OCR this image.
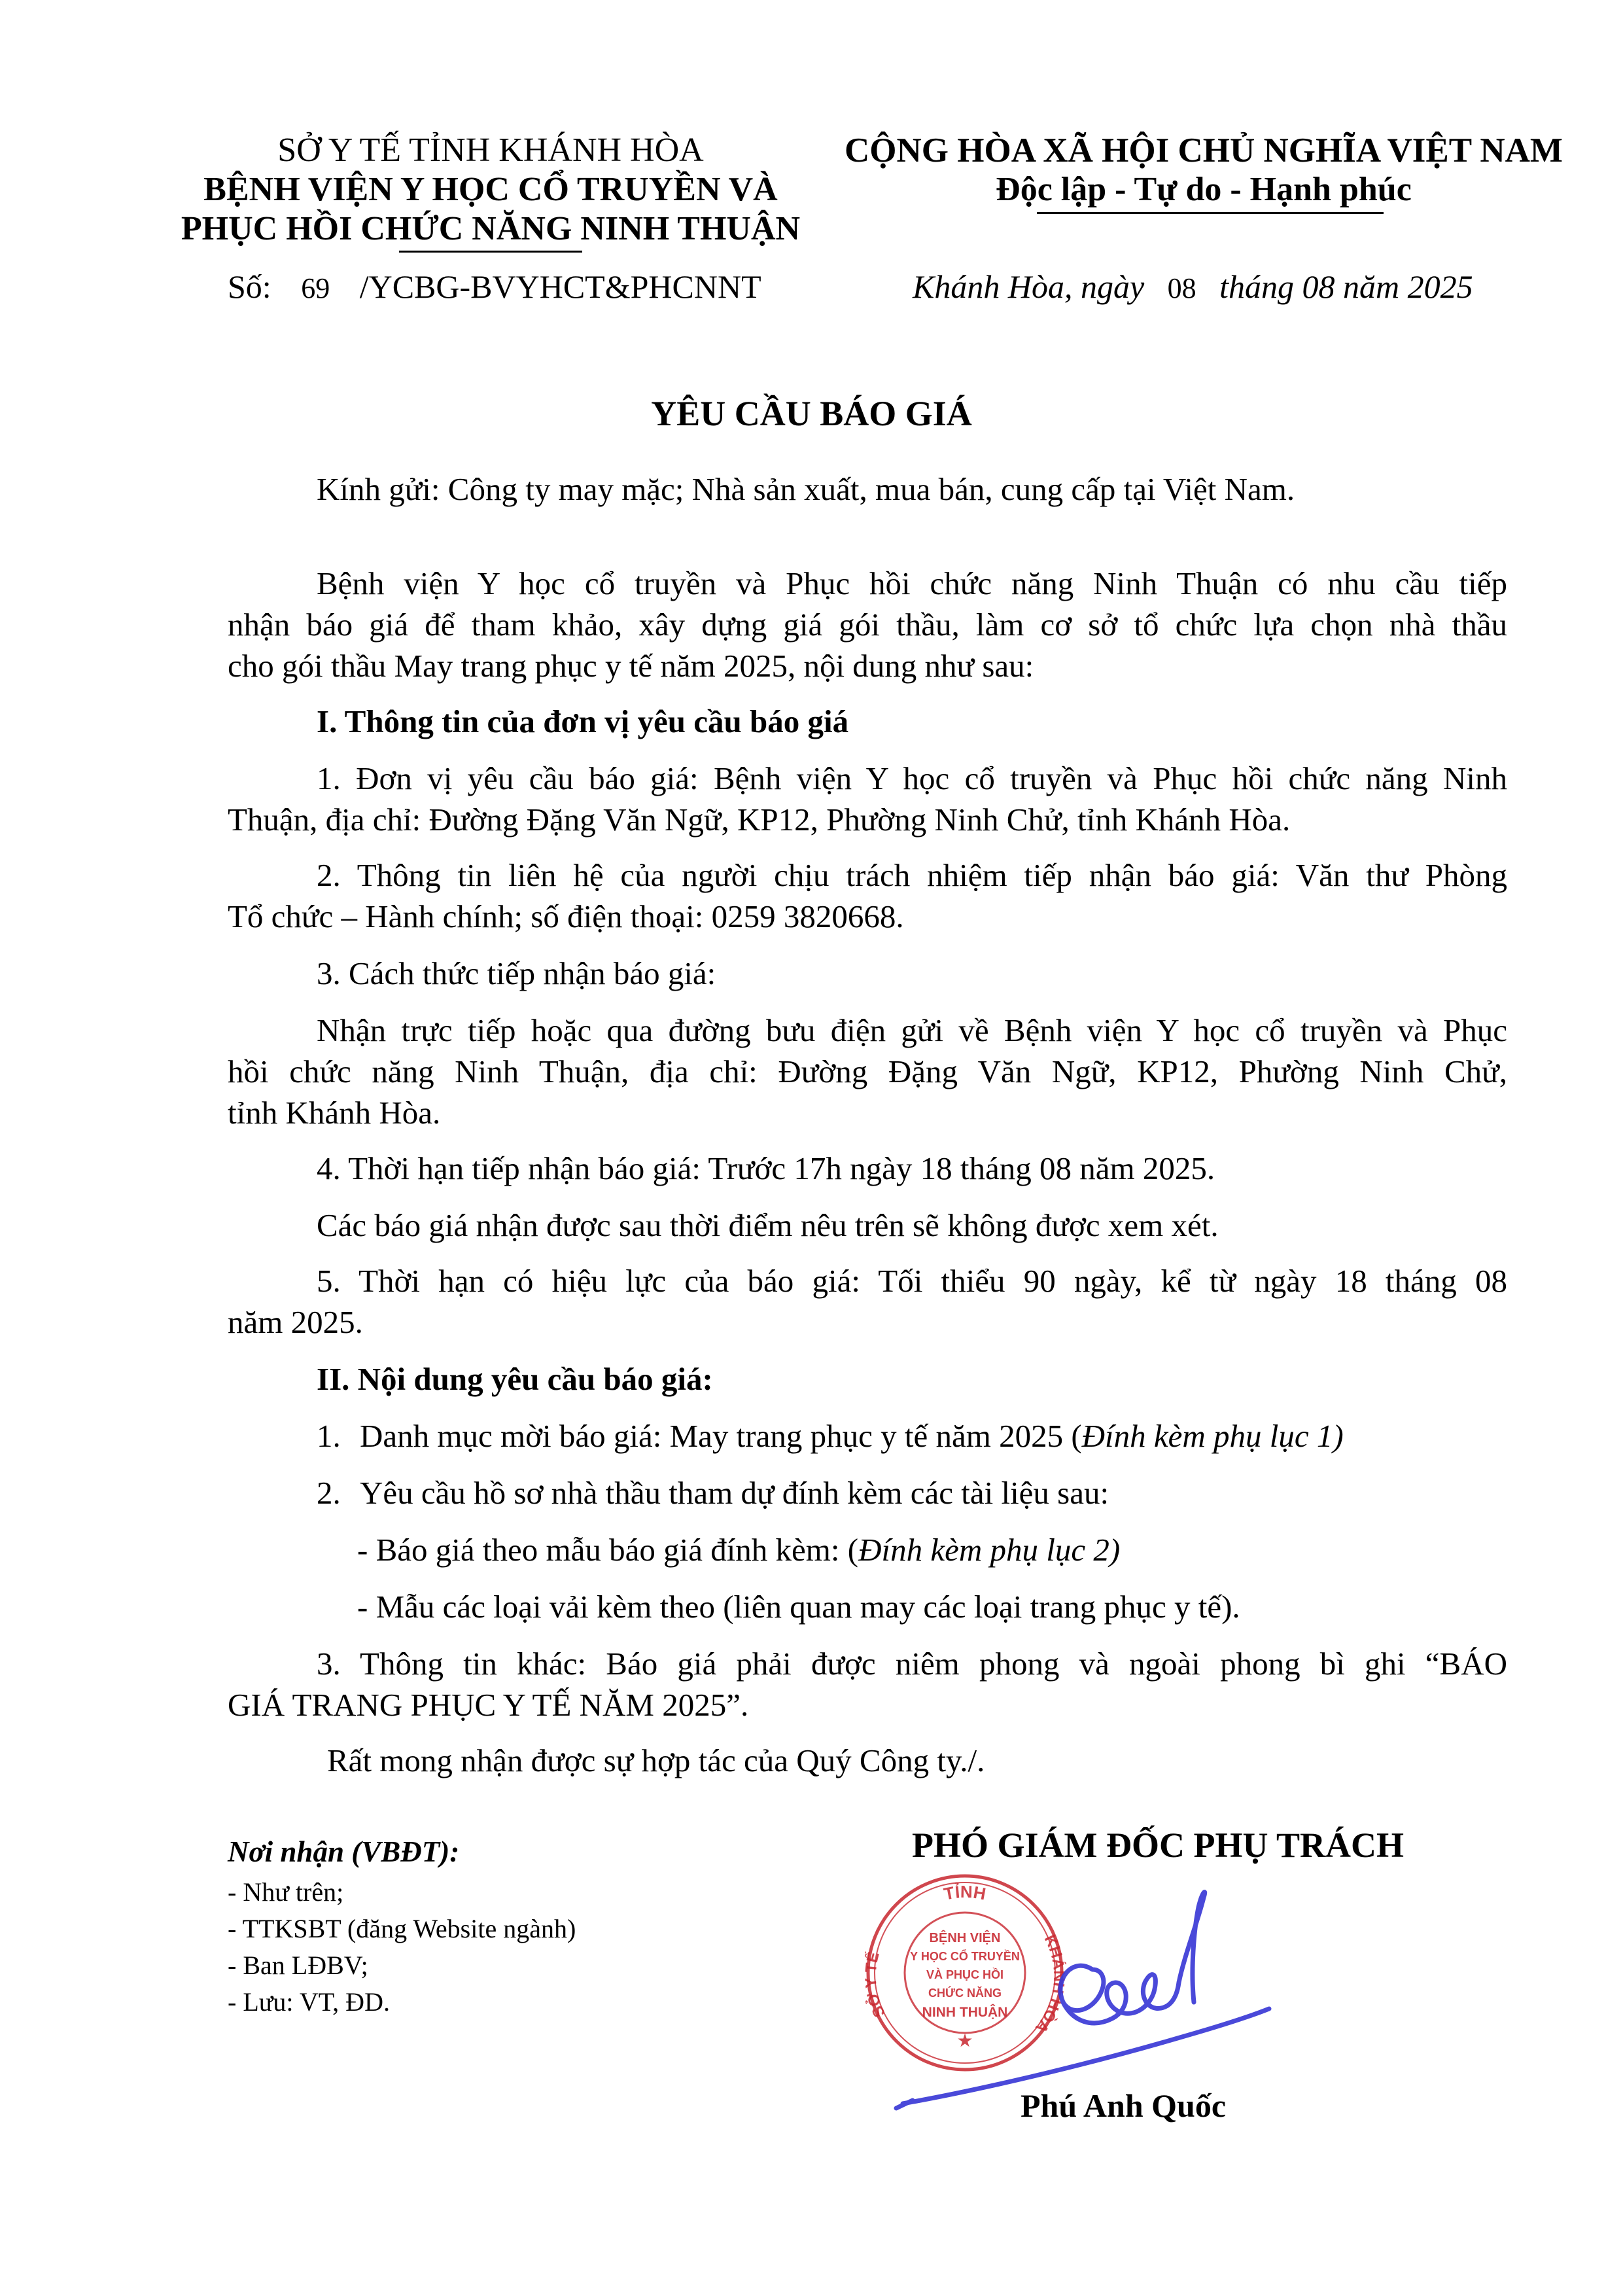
SỞ Y TẾ TỈNH KHÁNH HÒA
BỆNH VIỆN Y HỌC CỔ TRUYỀN VÀ
PHỤC HỒI CHỨC NĂNG NINH THUẬN
CỘNG HÒA XÃ HỘI CHỦ NGHĨA VIỆT NAM
Độc lập - Tự do - Hạnh phúc
Số: 69 /YCBG-BVYHCT&PHCNNT	Khánh Hòa, ngày 08 tháng 08 năm 2025
YÊU CẦU BÁO GIÁ
Kính gửi: Công ty may mặc; Nhà sản xuất, mua bán, cung cấp tại Việt Nam.
Bệnh viện Y học cổ truyền và Phục hồi chức năng Ninh Thuận có nhu cầu tiếp
nhận báo giá để tham khảo, xây dựng giá gói thầu, làm cơ sở tổ chức lựa chọn nhà thầu
cho gói thầu May trang phục y tế năm 2025, nội dung như sau:
I. Thông tin của đơn vị yêu cầu báo giá
1. Đơn vị yêu cầu báo giá: Bệnh viện Y học cổ truyền và Phục hồi chức năng Ninh
Thuận, địa chỉ: Đường Đặng Văn Ngữ, KP12, Phường Ninh Chử, tỉnh Khánh Hòa.
2. Thông tin liên hệ của người chịu trách nhiệm tiếp nhận báo giá: Văn thư Phòng
Tổ chức – Hành chính; số điện thoại: 0259 3820668.
3. Cách thức tiếp nhận báo giá:
Nhận trực tiếp hoặc qua đường bưu điện gửi về Bệnh viện Y học cổ truyền và Phục
hồi chức năng Ninh Thuận, địa chỉ: Đường Đặng Văn Ngữ, KP12, Phường Ninh Chử,
tỉnh Khánh Hòa.
4. Thời hạn tiếp nhận báo giá: Trước 17h ngày 18 tháng 08 năm 2025.
Các báo giá nhận được sau thời điểm nêu trên sẽ không được xem xét.
5. Thời hạn có hiệu lực của báo giá: Tối thiểu 90 ngày, kể từ ngày 18 tháng 08
năm 2025.
II. Nội dung yêu cầu báo giá:
1. Danh mục mời báo giá: May trang phục y tế năm 2025 (Đính kèm phụ lục 1)
2. Yêu cầu hồ sơ nhà thầu tham dự đính kèm các tài liệu sau:
- Báo giá theo mẫu báo giá đính kèm: (Đính kèm phụ lục 2)
- Mẫu các loại vải kèm theo (liên quan may các loại trang phục y tế).
3. Thông tin khác: Báo giá phải được niêm phong và ngoài phong bì ghi “BÁO
GIÁ TRANG PHỤC Y TẾ NĂM 2025”.
Rất mong nhận được sự hợp tác của Quý Công ty./.
Nơi nhận (VBĐT):
- Như trên;
- TTKSBT (đăng Website ngành)
- Ban LĐBV;
- Lưu: VT, ĐD.
PHÓ GIÁM ĐỐC PHỤ TRÁCH
TỈNH
SỞ Y TẾ
KHÁNH HÒA
BỆNH VIỆN
Y HỌC CỔ TRUYỀN
VÀ PHỤC HỒI
CHỨC NĂNG
NINH THUẬN
★
Phú Anh Quốc
